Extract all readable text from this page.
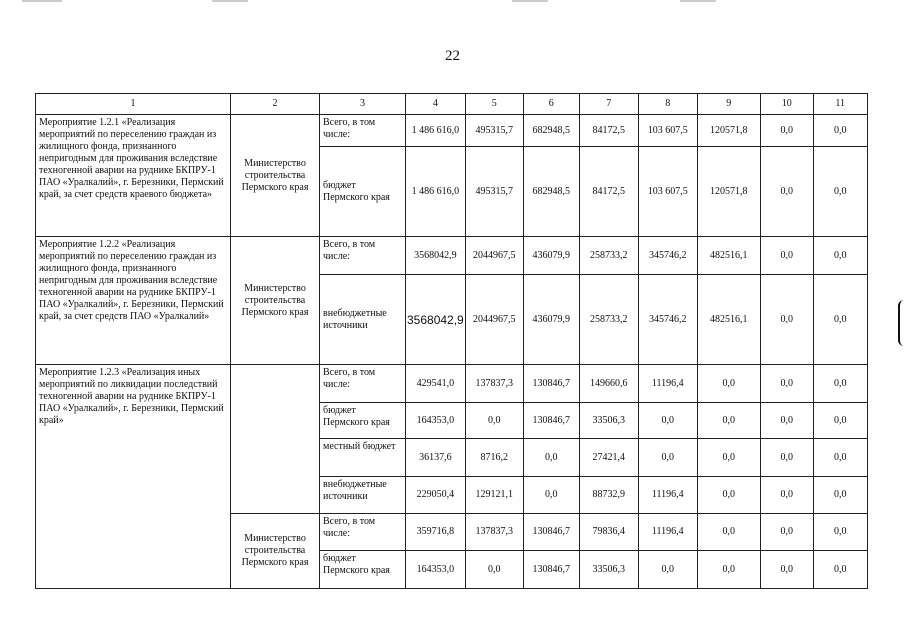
22
1	2	3	4	5	6	7	8	9	10	11
Мероприятие 1.2.1 «Реализация мероприятий по переселению граждан из жилищного фонда, признанного непригодным для проживания вследствие техногенной аварии на руднике БКПРУ-1 ПАО «Уралкалий», г. Березники, Пермский край, за счет средств краевого бюджета»	Министерство строительства Пермского края	Всего, в том числе:	1 486 616,0	495315,7	682948,5	84172,5	103 607,5	120571,8	0,0	0,0
		бюджет Пермского края	1 486 616,0	495315,7	682948,5	84172,5	103 607,5	120571,8	0,0	0,0
Мероприятие 1.2.2 «Реализация мероприятий по переселению граждан из жилищного фонда, признанного непригодным для проживания вследствие техногенной аварии на руднике БКПРУ-1 ПАО «Уралкалий», г. Березники, Пермский край, за счет средств ПАО «Уралкалий»	Министерство строительства Пермского края	Всего, в том числе:	3568042,9	2044967,5	436079,9	258733,2	345746,2	482516,1	0,0	0,0
		внебюджетные источники	3568042,9	2044967,5	436079,9	258733,2	345746,2	482516,1	0,0	0,0
Мероприятие 1.2.3 «Реализация иных мероприятий по ликвидации последствий техногенной аварии на руднике БКПРУ-1 ПАО «Уралкалий», г. Березники, Пермский край»		Всего, в том числе:	429541,0	137837,3	130846,7	149660,6	11196,4	0,0	0,0	0,0
		бюджет Пермского края	164353,0	0,0	130846,7	33506,3	0,0	0,0	0,0	0,0
		местный бюджет	36137,6	8716,2	0,0	27421,4	0,0	0,0	0,0	0,0
		внебюджетные источники	229050,4	129121,1	0,0	88732,9	11196,4	0,0	0,0	0,0
	Министерство строительства Пермского края	Всего, в том числе:	359716,8	137837,3	130846,7	79836,4	11196,4	0,0	0,0	0,0
		бюджет Пермского края	164353,0	0,0	130846,7	33506,3	0,0	0,0	0,0	0,0
